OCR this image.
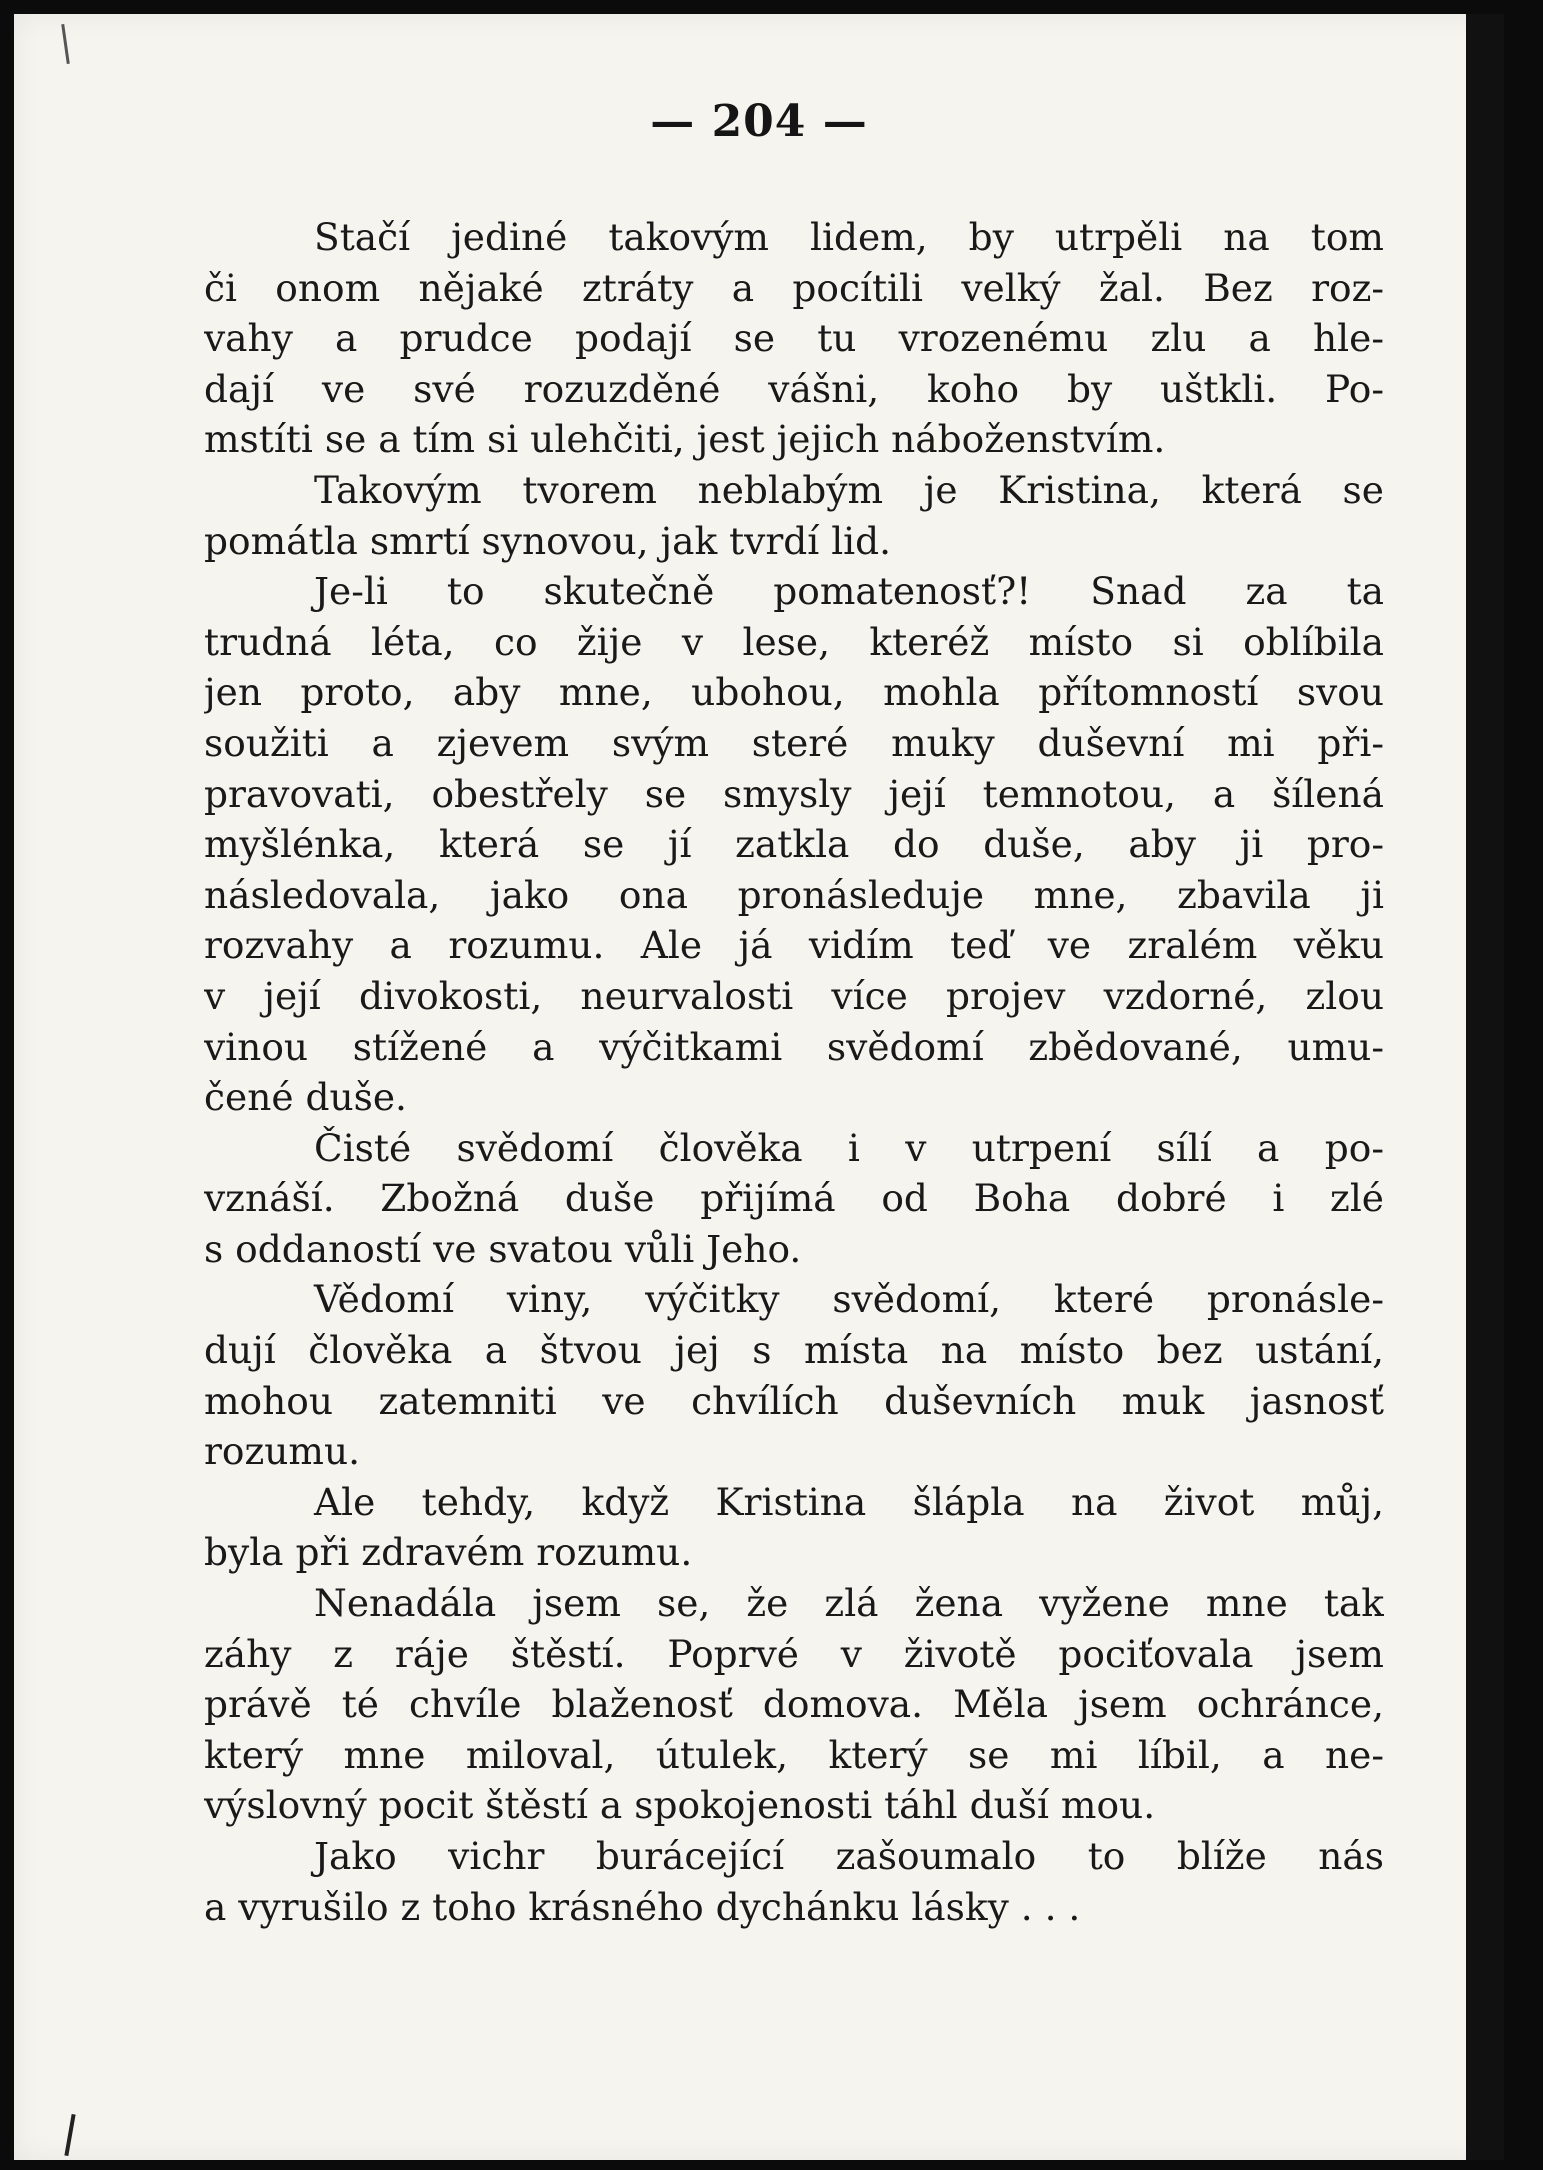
— 204 —
Stačí jediné takovým lidem, by utrpěli na tom
či onom nějaké ztráty a pocítili velký žal. Bez roz-
vahy a prudce podají se tu vrozenému zlu a hle-
dají ve své rozuzděné vášni, koho by uštkli. Po-
mstíti se a tím si ulehčiti, jest jejich náboženstvím.
Takovým tvorem neblabým je Kristina, která se
pomátla smrtí synovou, jak tvrdí lid.
Je-li to skutečně pomatenosť?! Snad za ta
trudná léta, co žije v lese, kteréž místo si oblíbila
jen proto, aby mne, ubohou, mohla přítomností svou
soužiti a zjevem svým steré muky duševní mi při-
pravovati, obestřely se smysly její temnotou, a šílená
myšlénka, která se jí zatkla do duše, aby ji pro-
následovala, jako ona pronásleduje mne, zbavila ji
rozvahy a rozumu. Ale já vidím teď ve zralém věku
v její divokosti, neurvalosti více projev vzdorné, zlou
vinou stížené a výčitkami svědomí zbědované, umu-
čené duše.
Čisté svědomí člověka i v utrpení sílí a po-
vznáší. Zbožná duše přijímá od Boha dobré i zlé
s oddaností ve svatou vůli Jeho.
Vědomí viny, výčitky svědomí, které pronásle-
dují člověka a štvou jej s místa na místo bez ustání,
mohou zatemniti ve chvílích duševních muk jasnosť
rozumu.
Ale tehdy, když Kristina šlápla na život můj,
byla při zdravém rozumu.
Nenadála jsem se, že zlá žena vyžene mne tak
záhy z ráje štěstí. Poprvé v životě pociťovala jsem
právě té chvíle blaženosť domova. Měla jsem ochránce,
který mne miloval, útulek, který se mi líbil, a ne-
výslovný pocit štěstí a spokojenosti táhl duší mou.
Jako vichr burácející zašoumalo to blíže nás
a vyrušilo z toho krásného dychánku lásky . . .
